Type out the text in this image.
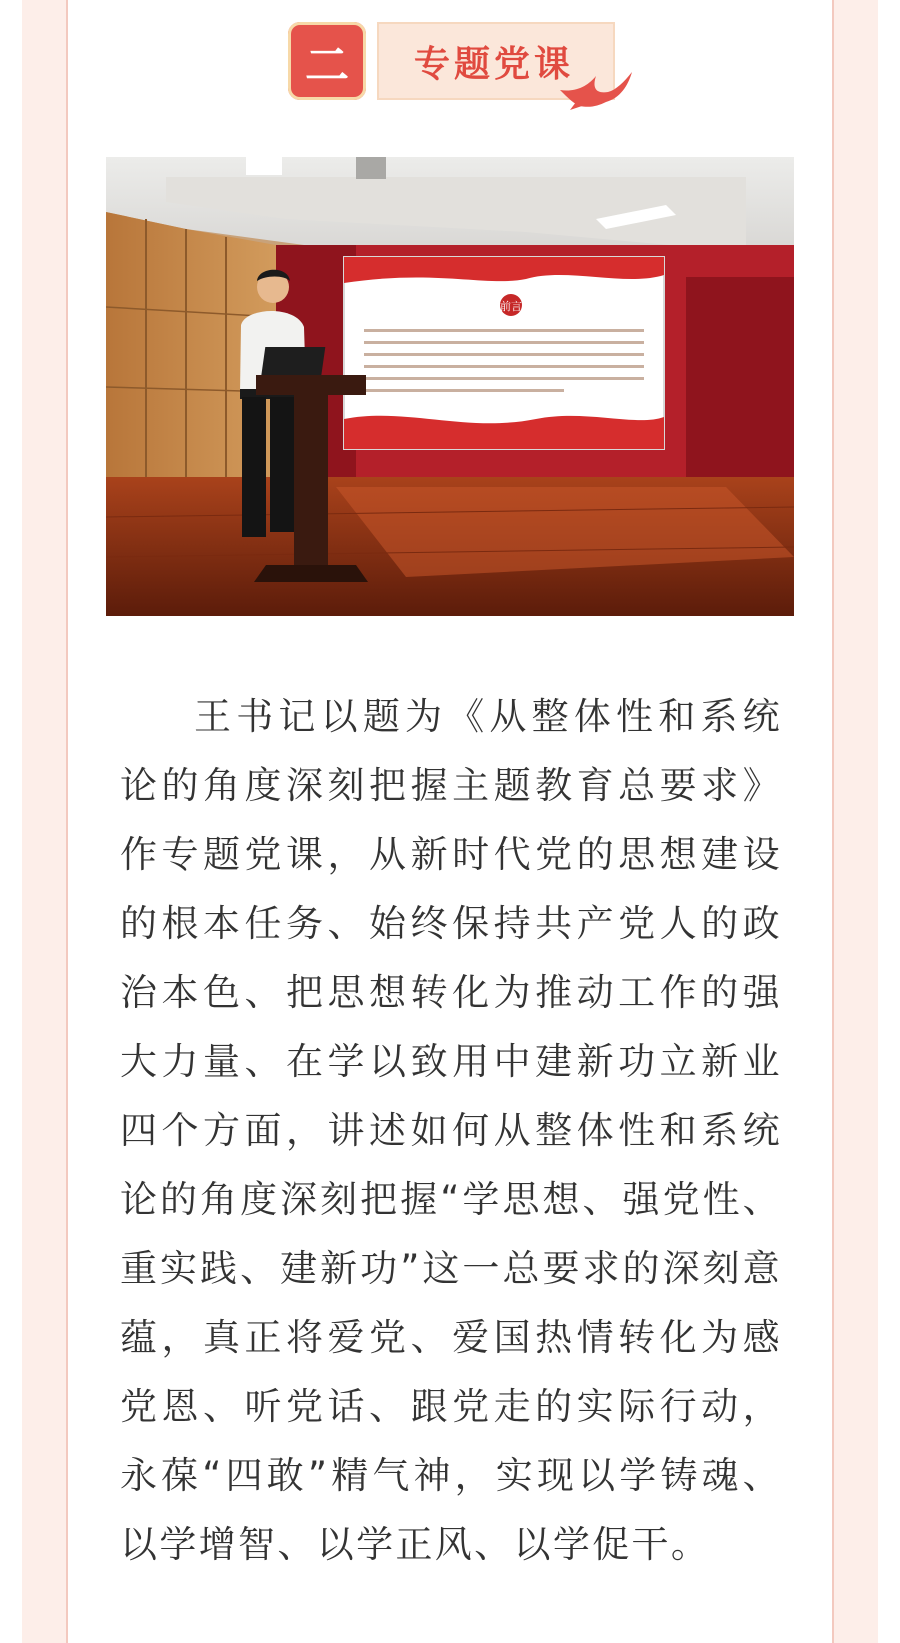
二	专题党课
前言

王书记以题为《从整体性和系统论的角度深刻把握主题教育总要求》作专题党课，从新时代党的思想建设的根本任务、始终保持共产党人的政治本色、把思想转化为推动工作的强大力量、在学以致用中建新功立新业四个方面，讲述如何从整体性和系统论的角度深刻把握“学思想、强党性、重实践、建新功”这一总要求的深刻意蕴，真正将爱党、爱国热情转化为感党恩、听党话、跟党走的实际行动，永葆“四敢”精气神，实现以学铸魂、以学增智、以学正风、以学促干。
